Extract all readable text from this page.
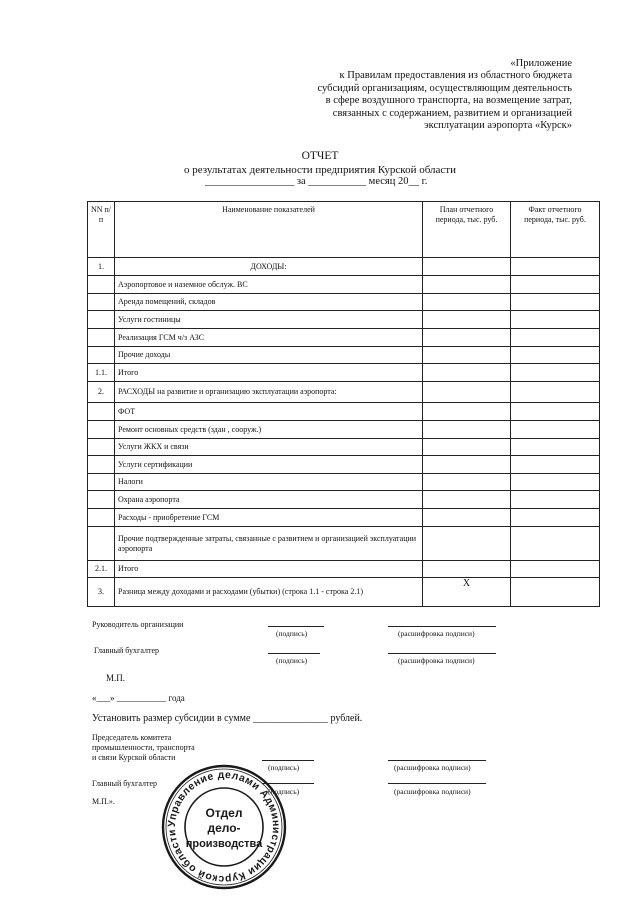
«Приложение
к Правилам предоставления из областного бюджета
субсидий организациям, осуществляющим деятельность
в сфере воздушного транспорта, на возмещение затрат,
связанных с содержанием, развитием и организацией
эксплуатации аэропорта «Курск»
ОТЧЕТ
о результатах деятельности предприятия Курской области
_________________ за ___________ месяц 20__ г.
NN п/п	Наименование показателей	План отчетного периода, тыс. руб.	Факт отчетного периода, тыс. руб.
1.	ДОХОДЫ:		
	Аэропортовое и наземное обслуж. ВС		
	Аренда помещений, складов		
	Услуги гостиницы		
	Реализация ГСМ ч/з АЗС		
	Прочие доходы		
1.1.	Итого		
2.	РАСХОДЫ на развитие и организацию эксплуатации аэропорта:		
	ФОТ		
	Ремонт основных средств (здан , сооруж.)		
	Услуги ЖКХ и связи		
	Услуги сертификации		
	Налоги		
	Охрана аэропорта		
	Расходы - приобретение ГСМ		
	Прочие подтвержденные затраты, связанные с развитием и организацией эксплуатации аэропорта		
2.1.	Итого		
3.	Разница между доходами и расходами (убытки) (строка 1.1 - строка 2.1)	X	
Руководитель организации
(подпись)	(расшифровка подписи)
Главный бухгалтер
(подпись)	(расшифровка подписи)
М.П.
«___» ___________ года
Установить размер субсидии в сумме _______________ рублей.
Председатель комитета
промышленности, транспорта
и связи Курской области
(подпись)	(расшифровка подписи)
Главный бухгалтер
(подпись)	(расшифровка подписи)
М.П.».
Управление делами Администрации Курской области
Отдел
дело-
производства
